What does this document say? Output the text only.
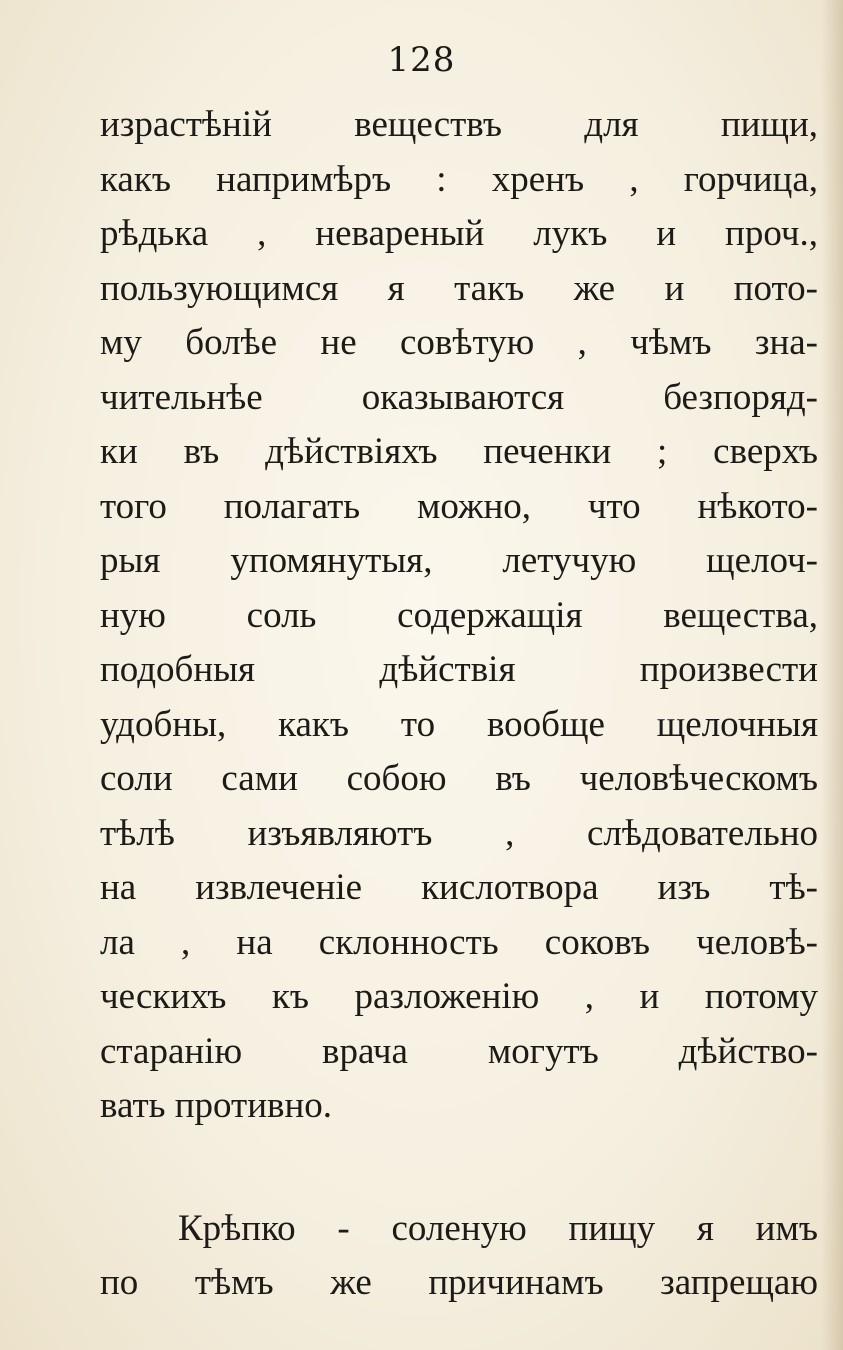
128
израстѣній веществъ для пищи,
какъ напримѣръ : хренъ , горчица,
рѣдька , невареный лукъ и проч.,
пользующимся я такъ же и пото-
му болѣе не совѣтую , чѣмъ зна-
чительнѣе оказываются безпоряд-
ки въ дѣйствіяхъ печенки ; сверхъ
того полагать можно, что нѣкото-
рыя упомянутыя, летучую щелоч-
ную соль содержащія вещества,
подобныя дѣйствія произвести
удобны, какъ то вообще щелочныя
соли сами собою въ человѣческомъ
тѣлѣ изъявляютъ , слѣдовательно
на извлеченіе кислотвора изъ тѣ-
ла , на склонность соковъ человѣ-
ческихъ къ разложенію , и потому
старанію врача могутъ дѣйство-
вать противно.
Крѣпко - соленую пищу я имъ
по тѣмъ же причинамъ запрещаю
